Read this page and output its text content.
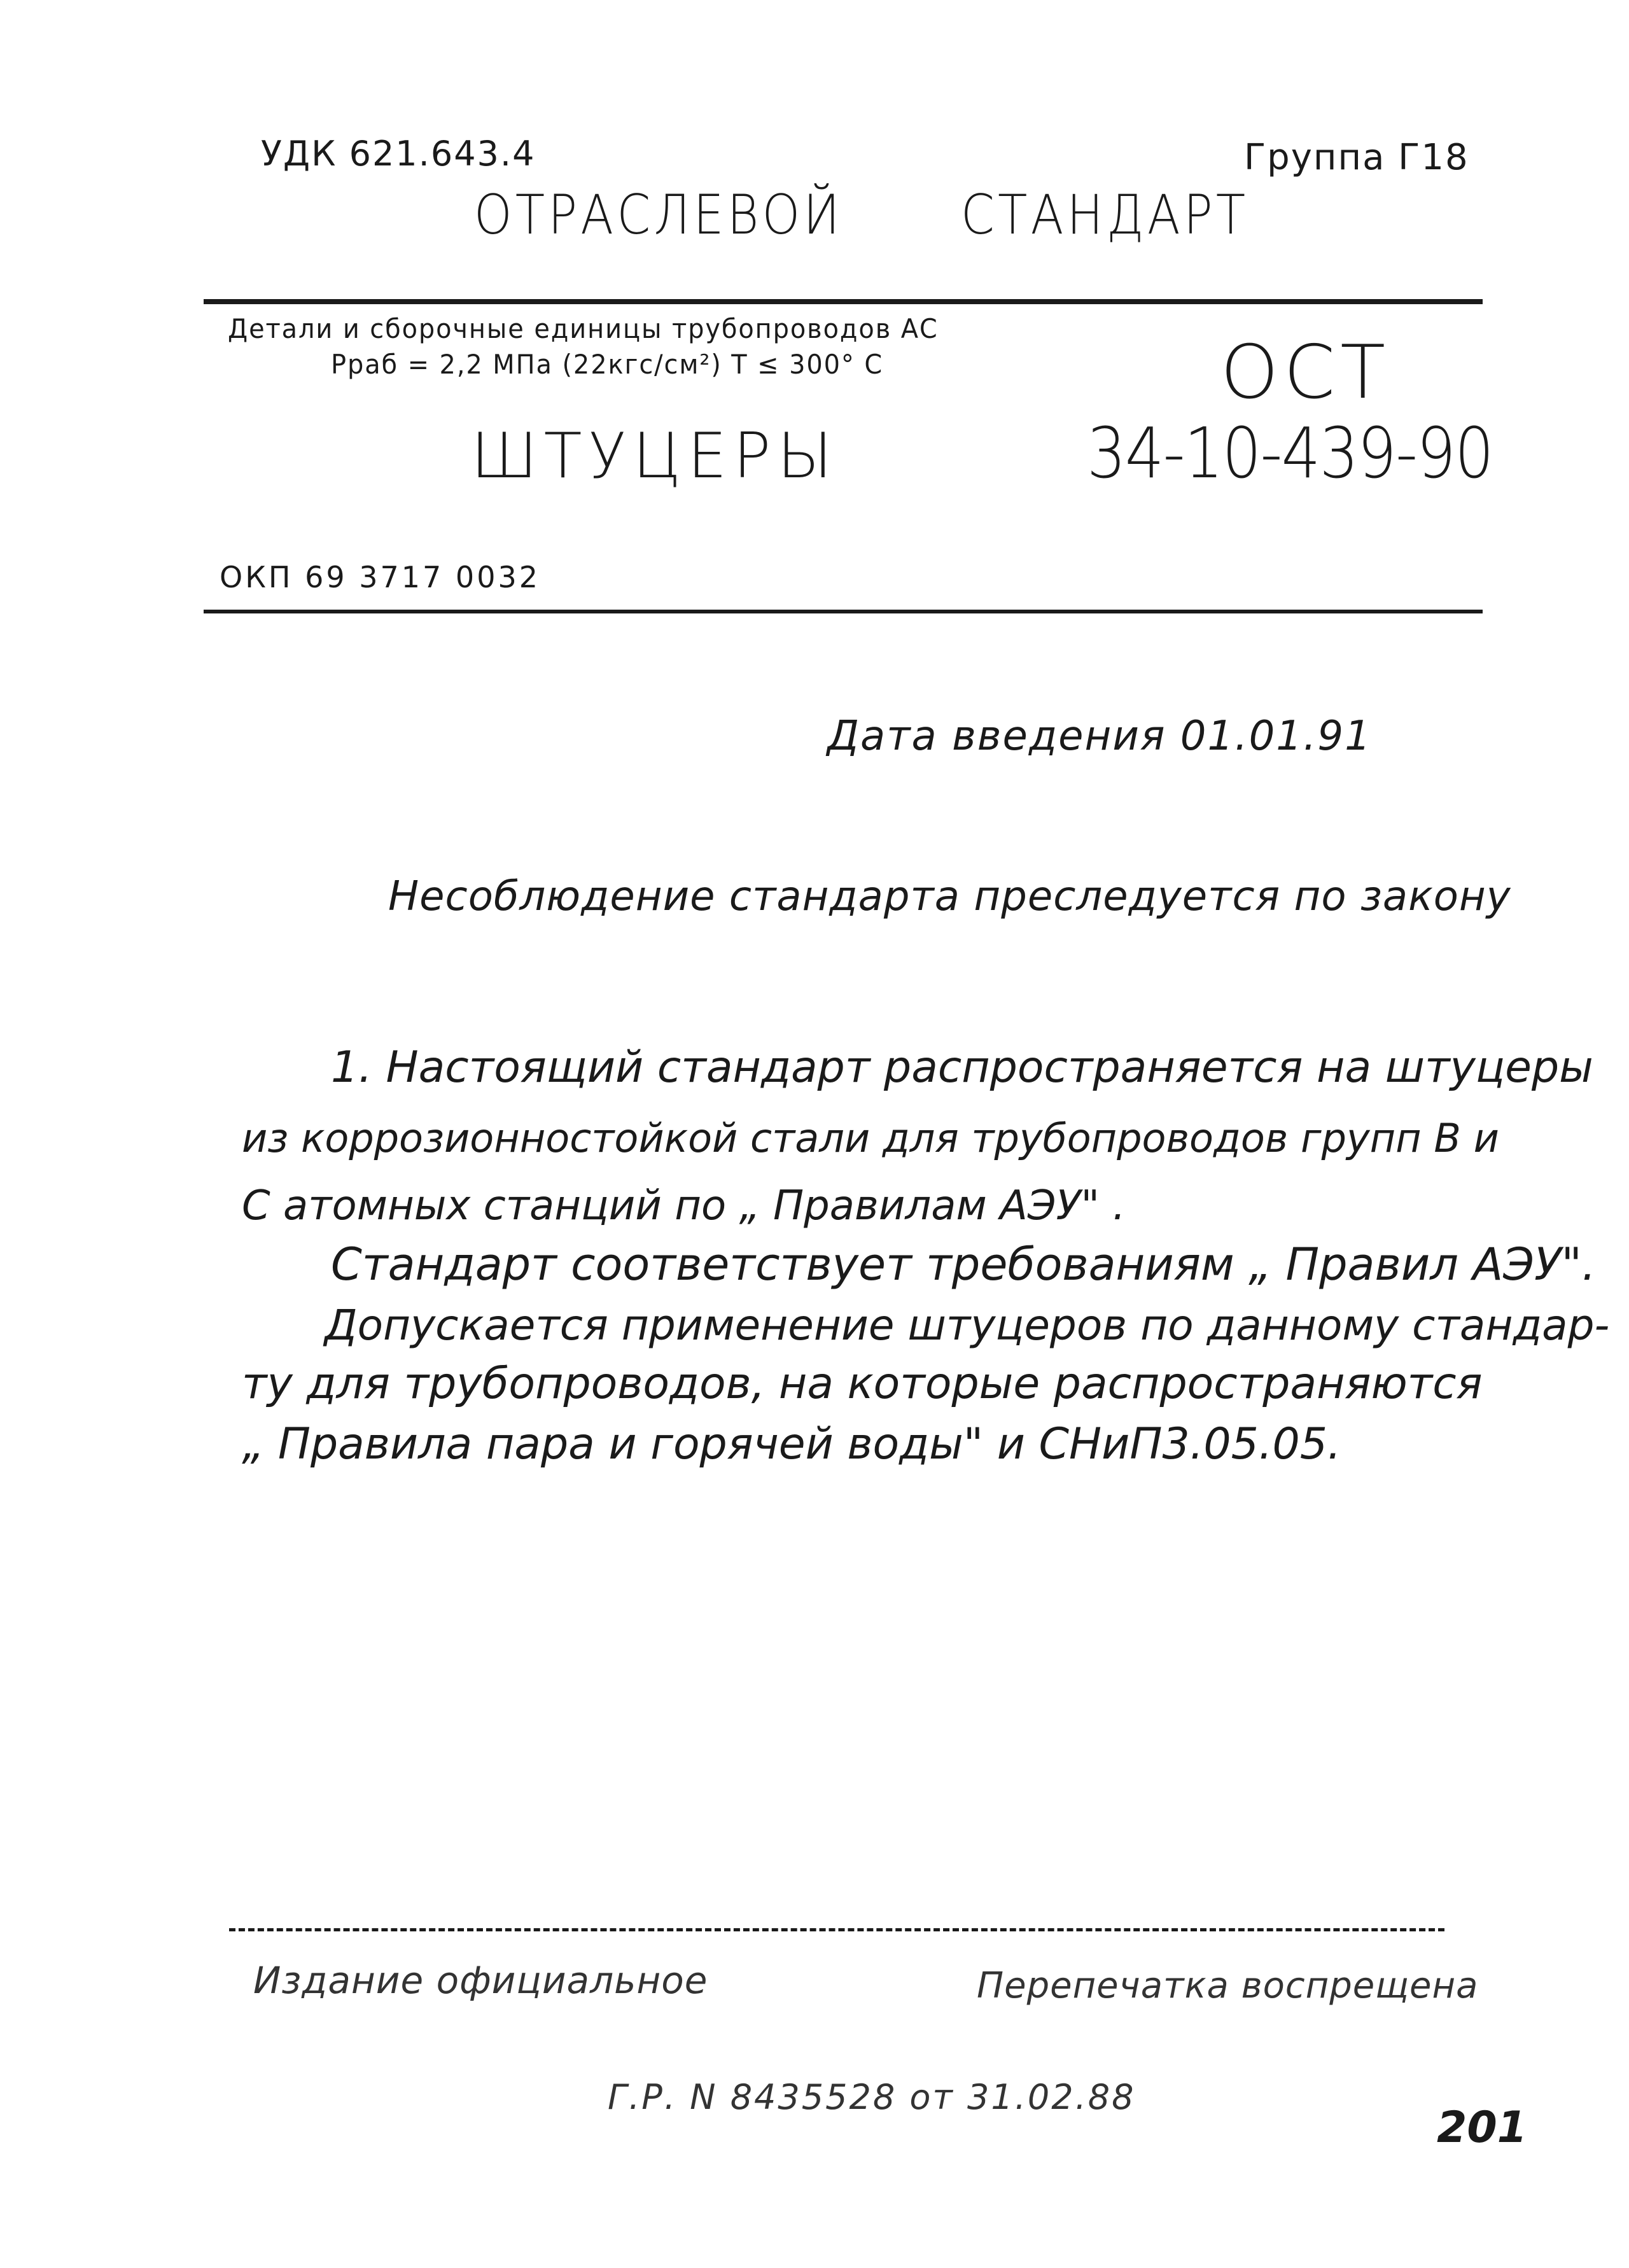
УДК 621.643.4	Группа Г18
ОТРАСЛЕВОЙ СТАНДАРТ
Детали и сборочные единицы трубопроводов АС
Рраб = 2,2 МПа (22кгс/см²) Т ≤ 300° С	ОСТ
ШТУЦЕРЫ	34-10-439-90
ОКП 69 3717 0032
Дата введения 01.01.91
Несоблюдение стандарта преследуется по закону
1. Настоящий стандарт распространяется на штуцеры
из коррозионностойкой стали для трубопроводов групп В и
С атомных станций по „ Правилам АЭУ" .
Стандарт соответствует требованиям „ Правил АЭУ".
Допускается применение штуцеров по данному стандар-
ту для трубопроводов, на которые распространяются
„ Правила пара и горячей воды" и СНиП3.05.05.
Издание официальное	Перепечатка воспрещена
Г.Р. N 8435528 от 31.02.88
201
